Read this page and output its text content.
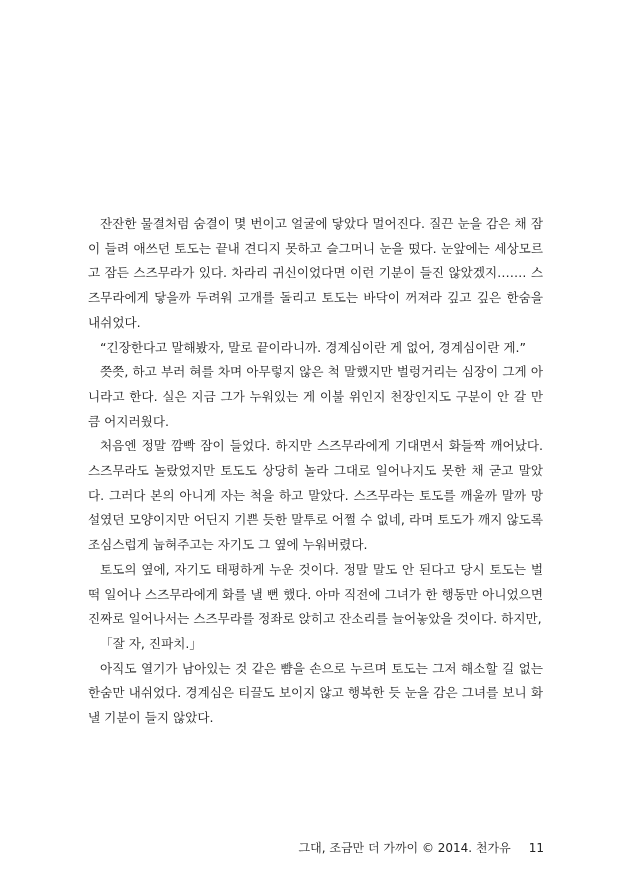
잔잔한 물결처럼 숨결이 몇 번이고 얼굴에 닿았다 멀어진다. 질끈 눈을 감은 채 잠이 들려 애쓰던 토도는 끝내 견디지 못하고 슬그머니 눈을 떴다. 눈앞에는 세상모르고 잠든 스즈무라가 있다. 차라리 귀신이었다면 이런 기분이 들진 않았겠지……. 스즈무라에게 닿을까 두려워 고개를 돌리고 토도는 바닥이 꺼져라 깊고 깊은 한숨을 내쉬었다.

“긴장한다고 말해봤자, 말로 끝이라니까. 경계심이란 게 없어, 경계심이란 게.”

쯧쯧, 하고 부러 혀를 차며 아무렇지 않은 척 말했지만 벌렁거리는 심장이 그게 아니라고 한다. 실은 지금 그가 누워있는 게 이불 위인지 천장인지도 구분이 안 갈 만큼 어지러웠다.

처음엔 정말 깜빡 잠이 들었다. 하지만 스즈무라에게 기대면서 화들짝 깨어났다. 스즈무라도 놀랐었지만 토도도 상당히 놀라 그대로 일어나지도 못한 채 굳고 말았다. 그러다 본의 아니게 자는 척을 하고 말았다. 스즈무라는 토도를 깨울까 말까 망설였던 모양이지만 어딘지 기쁜 듯한 말투로 어쩔 수 없네, 라며 토도가 깨지 않도록 조심스럽게 눕혀주고는 자기도 그 옆에 누워버렸다.

토도의 옆에, 자기도 태평하게 누운 것이다. 정말 말도 안 된다고 당시 토도는 벌떡 일어나 스즈무라에게 화를 낼 뻔 했다. 아마 직전에 그녀가 한 행동만 아니었으면 진짜로 일어나서는 스즈무라를 정좌로 앉히고 잔소리를 늘어놓았을 것이다. 하지만,

「잘 자, 진파치.」

아직도 열기가 남아있는 것 같은 뺨을 손으로 누르며 토도는 그저 해소할 길 없는 한숨만 내쉬었다. 경계심은 티끌도 보이지 않고 행복한 듯 눈을 감은 그녀를 보니 화 낼 기분이 들지 않았다.

그대, 조금만 더 가까이 © 2014. 천가유 11
